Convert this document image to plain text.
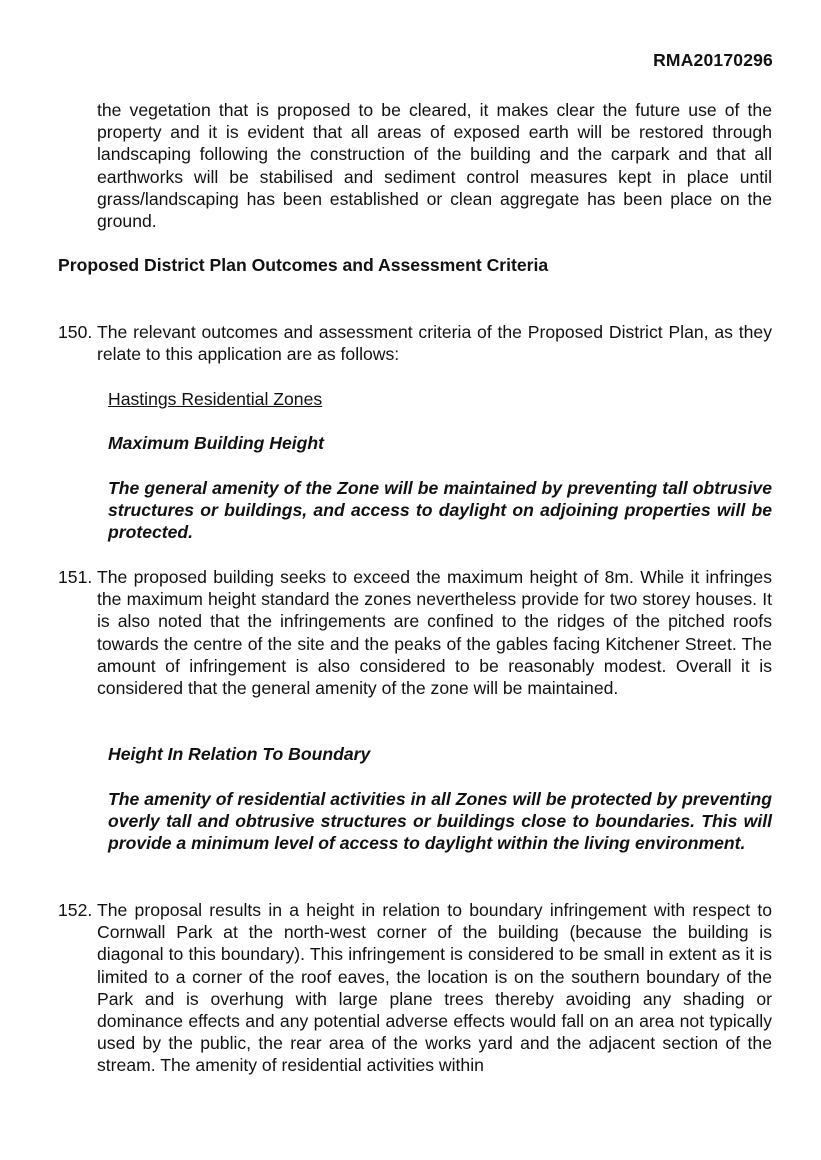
RMA20170296

the vegetation that is proposed to be cleared, it makes clear the future use of the property and it is evident that all areas of exposed earth will be restored through landscaping following the construction of the building and the carpark and that all earthworks will be stabilised and sediment control measures kept in place until grass/landscaping has been established or clean aggregate has been place on the ground.

Proposed District Plan Outcomes and Assessment Criteria
150. The relevant outcomes and assessment criteria of the Proposed District Plan, as they relate to this application are as follows:

Hastings Residential Zones
Maximum Building Height

The general amenity of the Zone will be maintained by preventing tall obtrusive structures or buildings, and access to daylight on adjoining properties will be protected.

151. The proposed building seeks to exceed the maximum height of 8m. While it infringes the maximum height standard the zones nevertheless provide for two storey houses. It is also noted that the infringements are confined to the ridges of the pitched roofs towards the centre of the site and the peaks of the gables facing Kitchener Street. The amount of infringement is also considered to be reasonably modest. Overall it is considered that the general amenity of the zone will be maintained.

Height In Relation To Boundary

The amenity of residential activities in all Zones will be protected by preventing overly tall and obtrusive structures or buildings close to boundaries. This will provide a minimum level of access to daylight within the living environment.

152. The proposal results in a height in relation to boundary infringement with respect to Cornwall Park at the north-west corner of the building (because the building is diagonal to this boundary). This infringement is considered to be small in extent as it is limited to a corner of the roof eaves, the location is on the southern boundary of the Park and is overhung with large plane trees thereby avoiding any shading or dominance effects and any potential adverse effects would fall on an area not typically used by the public, the rear area of the works yard and the adjacent section of the stream. The amenity of residential activities within
